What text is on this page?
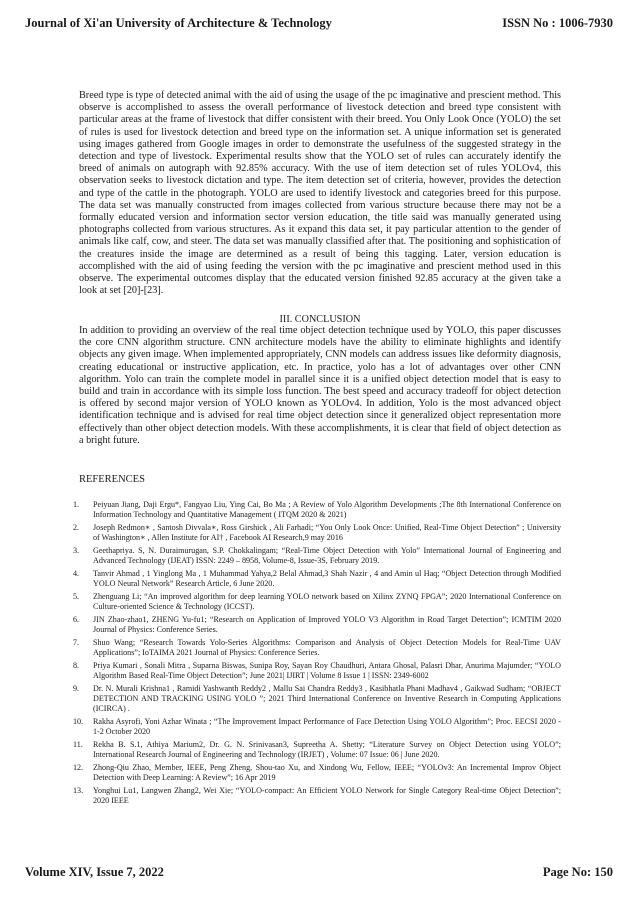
Journal of Xi'an University of Architecture & Technology	ISSN No : 1006-7930
Breed type is type of detected animal with the aid of using the usage of the pc imaginative and prescient method. This observe is accomplished to assess the overall performance of livestock detection and breed type consistent with particular areas at the frame of livestock that differ consistent with their breed. You Only Look Once (YOLO) the set of rules is used for livestock detection and breed type on the information set. A unique information set is generated using images gathered from Google images in order to demonstrate the usefulness of the suggested strategy in the detection and type of livestock. Experimental results show that the YOLO set of rules can accurately identify the breed of animals on autograph with 92.85% accuracy. With the use of item detection set of rules YOLOv4, this observation seeks to livestock dictation and type. The item detection set of criteria, however, provides the detection and type of the cattle in the photograph. YOLO are used to identify livestock and categories breed for this purpose. The data set was manually constructed from images collected from various structure because there may not be a formally educated version and information sector version education, the title said was manually generated using photographs collected from various structures. As it expand this data set, it pay particular attention to the gender of animals like calf, cow, and steer. The data set was manually classified after that. The positioning and sophistication of the creatures inside the image are determined as a result of being this tagging. Later, version education is accomplished with the aid of using feeding the version with the pc imaginative and prescient method used in this observe. The experimental outcomes display that the educated version finished 92.85 accuracy at the given take a look at set [20]-[23].
III. CONCLUSION
In addition to providing an overview of the real time object detection technique used by YOLO, this paper discusses the core CNN algorithm structure. CNN architecture models have the ability to eliminate highlights and identify objects any given image. When implemented appropriately, CNN models can address issues like deformity diagnosis, creating educational or instructive application, etc. In practice, yolo has a lot of advantages over other CNN algorithm. Yolo can train the complete model in parallel since it is a unified object detection model that is easy to build and train in accordance with its simple loss function. The best speed and accuracy tradeoff for object detection is offered by second major version of YOLO known as YOLOv4. In addition, Yolo is the most advanced object identification technique and is advised for real time object detection since it generalized object representation more effectively than other object detection models. With these accomplishments, it is clear that field of object detection as a bright future.
REFERENCES
1. Peiyuan Jiang, Daji Ergu*, Fangyao Liu, Ying Cai, Bo Ma ; A Review of Yolo Algorithm Developments ;The 8th International Conference on Information Technology and Quantitative Management ( ITQM 2020 & 2021)
2. Joseph Redmon∗ , Santosh Divvala∗, Ross Girshick , Ali Farhadi; “You Only Look Once: Unified, Real-Time Object Detection” ; University of Washington∗ , Allen Institute for AI† , Facebook AI Research,9 may 2016
3. Geethapriya. S, N. Duraimurugan, S.P. Chokkalingam; “Real-Time Object Detection with Yolo” International Journal of Engineering and Advanced Technology (IJEAT) ISSN: 2249 – 8958, Volume-8, Issue-3S, February 2019.
4. Tanvir Ahmad , 1 Yinglong Ma , 1 Muhammad Yahya,2 Belal Ahmad,3 Shah Nazir , 4 and Amin ul Haq; “Object Detection through Modified YOLO Neural Network” Research Article, 6 June 2020.
5. Zhenguang Li; “An improved algorithm for deep learning YOLO network based on Xilinx ZYNQ FPGA”; 2020 International Conference on Culture-oriented Science & Technology (ICCST).
6. JIN Zhao-zhao1, ZHENG Yu-fu1; “Research on Application of Improved YOLO V3 Algorithm in Road Target Detection”; ICMTIM 2020 Journal of Physics: Conference Series.
7. Shuo Wang; “Research Towards Yolo-Series Algorithms: Comparison and Analysis of Object Detection Models for Real-Time UAV Applications”; IoTAIMA 2021 Journal of Physics: Conference Series.
8. Priya Kumari , Sonali Mitra , Suparna Biswas, Sunipa Roy, Sayan Roy Chaudhuri, Antara Ghosal, Palasri Dhar, Anurima Majumder; “YOLO Algorithm Based Real-Time Object Detection”; June 2021| IJIRT | Volume 8 Issue 1 | ISSN: 2349-6002
9. Dr. N. Murali Krishna1 , Ramidi Yashwanth Reddy2 , Mallu Sai Chandra Reddy3 , Kasibhatla Phani Madhav4 , Gaikwad Sudham; “OBJECT DETECTION AND TRACKING USING YOLO ”; 2021 Third International Conference on Inventive Research in Computing Applications (ICIRCA) .
10. Rakha Asyrofi, Yoni Azhar Winata ; “The Improvement Impact Performance of Face Detection Using YOLO Algorithm”; Proc. EECSI 2020 - 1-2 October 2020
11. Rekha B. S.1, Athiya Marium2, Dr. G. N. Srinivasan3, Supreetha A. Shetty; “Literature Survey on Object Detection using YOLO”; International Research Journal of Engineering and Technology (IRJET) , Volume: 07 Issue: 06 | June 2020.
12. Zhong-Qiu Zhao, Member, IEEE, Peng Zheng, Shou-tao Xu, and Xindong Wu, Fellow, IEEE; “YOLOv3: An Incremental Improv Object Detection with Deep Learning: A Review”; 16 Apr 2019
13. Yonghui Lu1, Langwen Zhang2, Wei Xie; “YOLO-compact: An Efficient YOLO Network for Single Category Real-time Object Detection”; 2020 IEEE
Volume XIV, Issue 7, 2022	Page No: 150
